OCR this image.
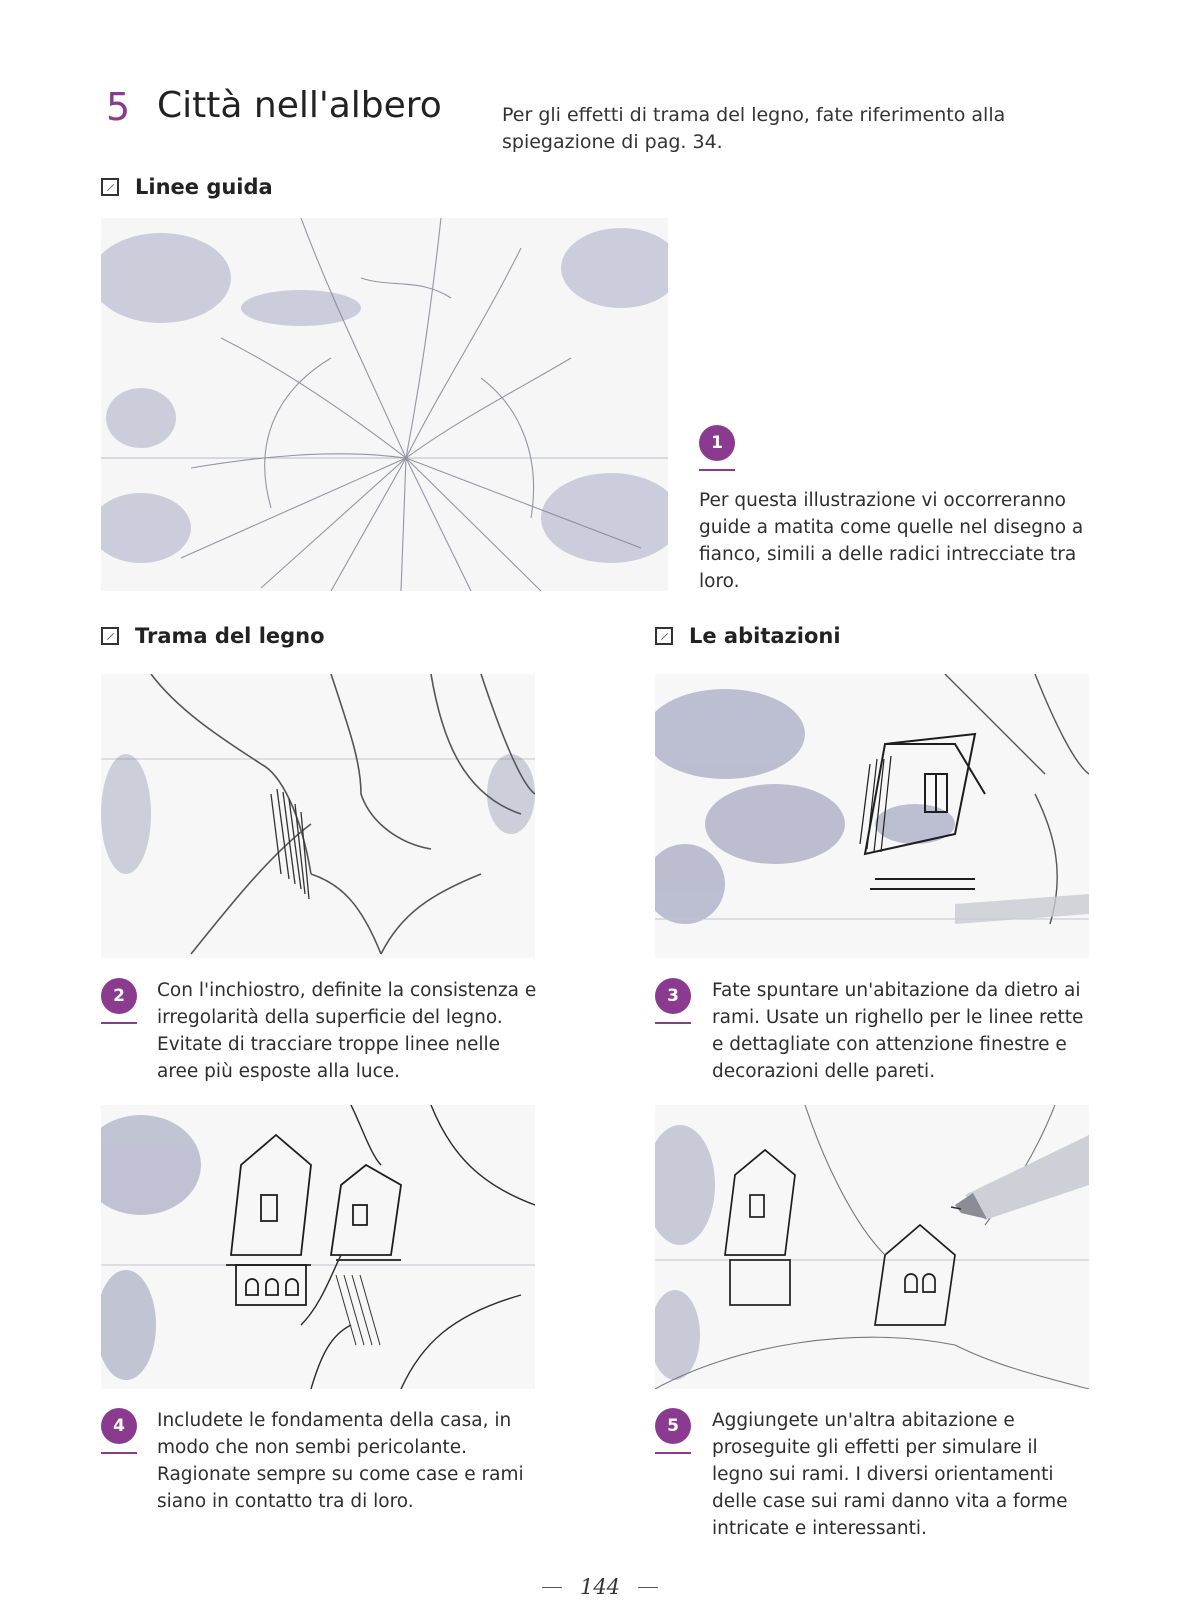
5 Città nell'albero	Per gli effetti di trama del legno, fate riferimento alla spiegazione di pag. 34.
Linee guida
1
Per questa illustrazione vi occorreranno guide a matita come quelle nel disegno a fianco, simili a delle radici intrecciate tra loro.
Trama del legno	Le abitazioni
2	Con l'inchiostro, definite la consistenza e irregolarità della superficie del legno. Evitate di tracciare troppe linee nelle aree più esposte alla luce.
3	Fate spuntare un'abitazione da dietro ai rami. Usate un righello per le linee rette e dettagliate con attenzione finestre e decorazioni delle pareti.
4	Includete le fondamenta della casa, in modo che non sembi pericolante. Ragionate sempre su come case e rami siano in contatto tra di loro.
5	Aggiungete un'altra abitazione e proseguite gli effetti per simulare il legno sui rami. I diversi orientamenti delle case sui rami danno vita a forme intricate e interessanti.
144
